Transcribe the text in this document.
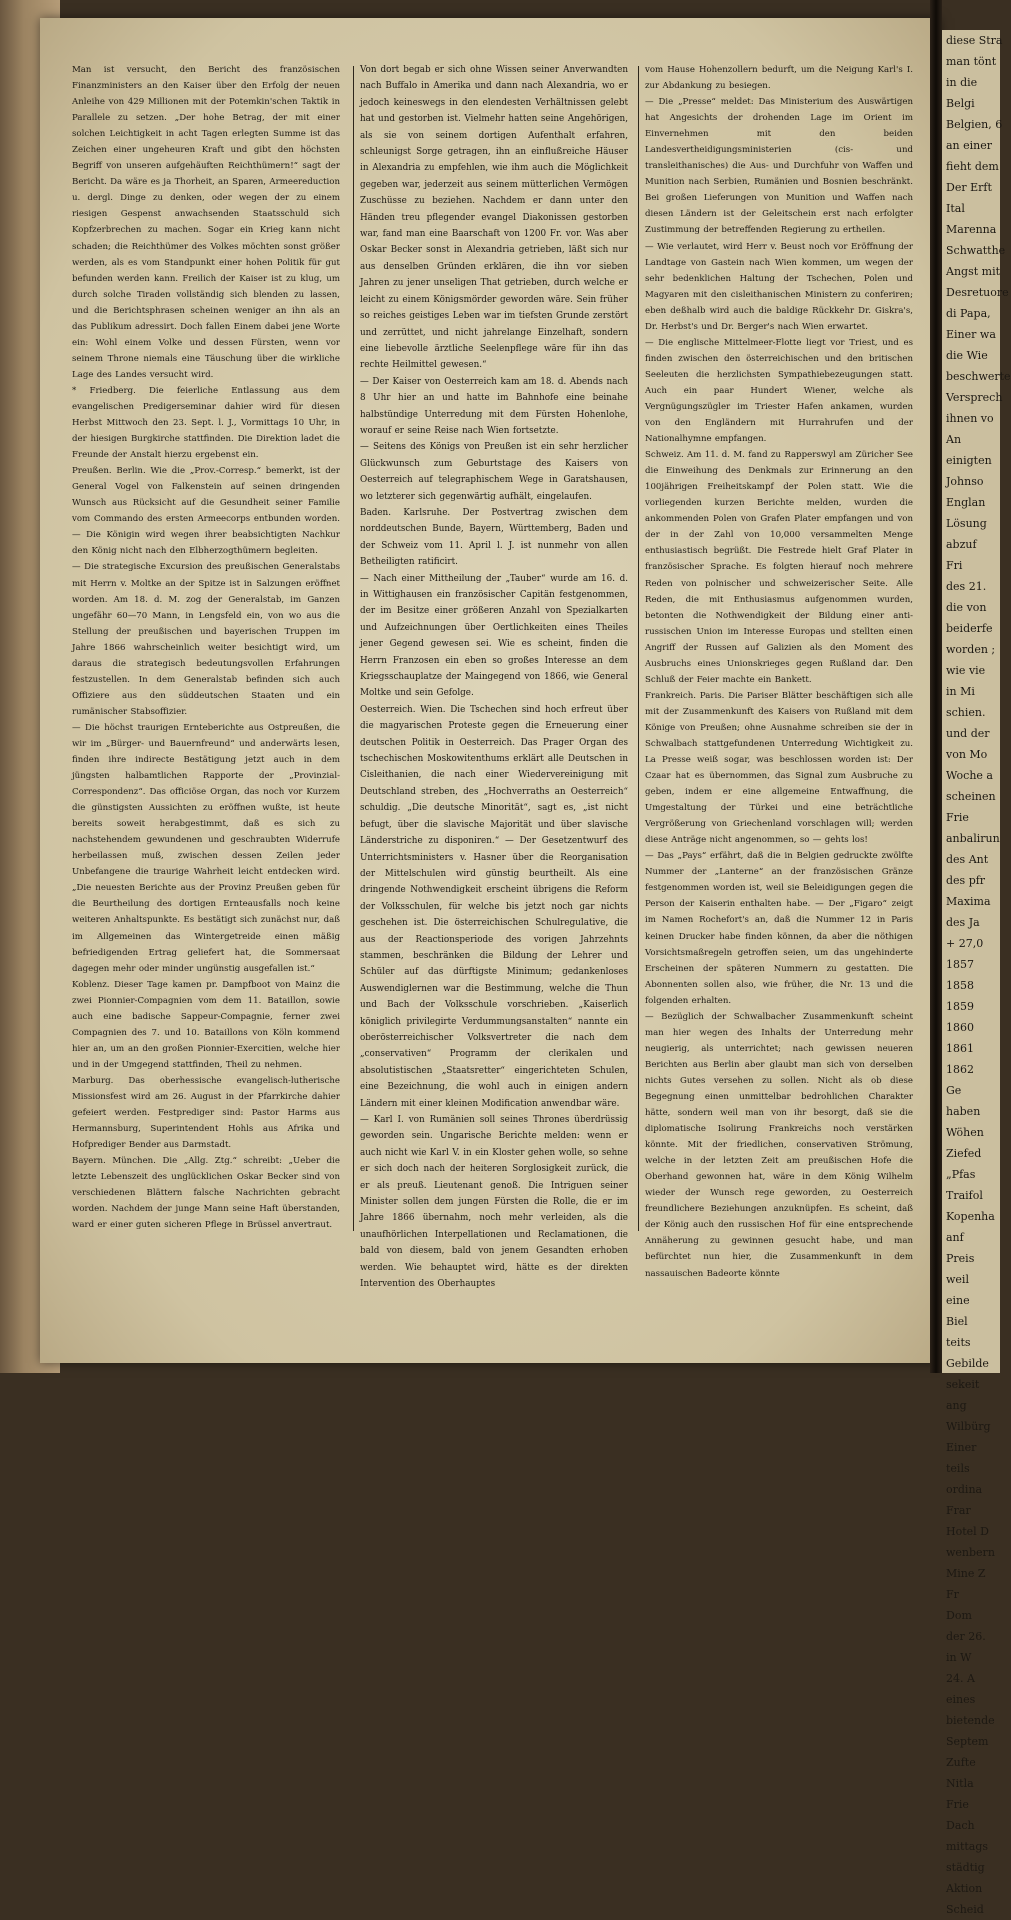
Man ist versucht, den Bericht des französischen Finanzministers an den Kaiser über den Erfolg der neuen Anleihe von 429 Millionen mit der Potemkin'schen Taktik in Parallele zu setzen. „Der hohe Betrag, der mit einer solchen Leichtigkeit in acht Tagen erlegten Summe ist das Zeichen einer ungeheuren Kraft und gibt den höchsten Begriff von unseren aufgehäuften Reichthümern!“ sagt der Bericht. Da wäre es ja Thorheit, an Sparen, Armeereduction u. dergl. Dinge zu denken, oder wegen der zu einem riesigen Gespenst anwachsenden Staatsschuld sich Kopfzerbrechen zu machen. Sogar ein Krieg kann nicht schaden; die Reichthümer des Volkes möchten sonst größer werden, als es vom Standpunkt einer hohen Politik für gut befunden werden kann. Freilich der Kaiser ist zu klug, um durch solche Tiraden vollständig sich blenden zu lassen, und die Berichtsphrasen scheinen weniger an ihn als an das Publikum adressirt. Doch fallen Einem dabei jene Worte ein: Wohl einem Volke und dessen Fürsten, wenn vor seinem Throne niemals eine Täuschung über die wirkliche Lage des Landes versucht wird.

* Friedberg. Die feierliche Entlassung aus dem evangelischen Predigerseminar dahier wird für diesen Herbst Mittwoch den 23. Sept. l. J., Vormittags 10 Uhr, in der hiesigen Burgkirche stattfinden. Die Direktion ladet die Freunde der Anstalt hierzu ergebenst ein.

Preußen. Berlin. Wie die „Prov.-Corresp.“ bemerkt, ist der General Vogel von Falkenstein auf seinen dringenden Wunsch aus Rücksicht auf die Gesundheit seiner Familie vom Commando des ersten Armeecorps entbunden worden. — Die Königin wird wegen ihrer beabsichtigten Nachkur den König nicht nach den Elbherzogthümern begleiten.

— Die strategische Excursion des preußischen Generalstabs mit Herrn v. Moltke an der Spitze ist in Salzungen eröffnet worden. Am 18. d. M. zog der Generalstab, im Ganzen ungefähr 60—70 Mann, in Lengsfeld ein, von wo aus die Stellung der preußischen und bayerischen Truppen im Jahre 1866 wahrscheinlich weiter besichtigt wird, um daraus die strategisch bedeutungsvollen Erfahrungen festzustellen. In dem Generalstab befinden sich auch Offiziere aus den süddeutschen Staaten und ein rumänischer Stabsoffizier.

— Die höchst traurigen Ernteberichte aus Ostpreußen, die wir im „Bürger- und Bauernfreund“ und anderwärts lesen, finden ihre indirecte Bestätigung jetzt auch in dem jüngsten halbamtlichen Rapporte der „Provinzial-Correspondenz“. Das officiöse Organ, das noch vor Kurzem die günstigsten Aussichten zu eröffnen wußte, ist heute bereits soweit herabgestimmt, daß es sich zu nachstehendem gewundenen und geschraubten Widerrufe herbeilassen muß, zwischen dessen Zeilen jeder Unbefangene die traurige Wahrheit leicht entdecken wird. „Die neuesten Berichte aus der Provinz Preußen geben für die Beurtheilung des dortigen Ernteausfalls noch keine weiteren Anhaltspunkte. Es bestätigt sich zunächst nur, daß im Allgemeinen das Wintergetreide einen mäßig befriedigenden Ertrag geliefert hat, die Sommersaat dagegen mehr oder minder ungünstig ausgefallen ist.“

Koblenz. Dieser Tage kamen pr. Dampfboot von Mainz die zwei Pionnier-Compagnien vom dem 11. Bataillon, sowie auch eine badische Sappeur-Compagnie, ferner zwei Compagnien des 7. und 10. Bataillons von Köln kommend hier an, um an den großen Pionnier-Exercitien, welche hier und in der Umgegend stattfinden, Theil zu nehmen.

Marburg. Das oberhessische evangelisch-lutherische Missionsfest wird am 26. August in der Pfarrkirche dahier gefeiert werden. Festprediger sind: Pastor Harms aus Hermannsburg, Superintendent Hohls aus Afrika und Hofprediger Bender aus Darmstadt.

Bayern. München. Die „Allg. Ztg.“ schreibt: „Ueber die letzte Lebenszeit des unglücklichen Oskar Becker sind von verschiedenen Blättern falsche Nachrichten gebracht worden. Nachdem der junge Mann seine Haft überstanden, ward er einer guten sicheren Pflege in Brüssel anvertraut.

Von dort begab er sich ohne Wissen seiner Anverwandten nach Buffalo in Amerika und dann nach Alexandria, wo er jedoch keineswegs in den elendesten Verhältnissen gelebt hat und gestorben ist. Vielmehr hatten seine Angehörigen, als sie von seinem dortigen Aufenthalt erfahren, schleunigst Sorge getragen, ihn an einflußreiche Häuser in Alexandria zu empfehlen, wie ihm auch die Möglichkeit gegeben war, jederzeit aus seinem mütterlichen Vermögen Zuschüsse zu beziehen. Nachdem er dann unter den Händen treu pflegender evangel Diakonissen gestorben war, fand man eine Baarschaft von 1200 Fr. vor. Was aber Oskar Becker sonst in Alexandria getrieben, läßt sich nur aus denselben Gründen erklären, die ihn vor sieben Jahren zu jener unseligen That getrieben, durch welche er leicht zu einem Königsmörder geworden wäre. Sein früher so reiches geistiges Leben war im tiefsten Grunde zerstört und zerrüttet, und nicht jahrelange Einzelhaft, sondern eine liebevolle ärztliche Seelenpflege wäre für ihn das rechte Heilmittel gewesen.“

— Der Kaiser von Oesterreich kam am 18. d. Abends nach 8 Uhr hier an und hatte im Bahnhofe eine beinahe halbstündige Unterredung mit dem Fürsten Hohenlohe, worauf er seine Reise nach Wien fortsetzte.

— Seitens des Königs von Preußen ist ein sehr herzlicher Glückwunsch zum Geburtstage des Kaisers von Oesterreich auf telegraphischem Wege in Garatshausen, wo letzterer sich gegenwärtig aufhält, eingelaufen.

Baden. Karlsruhe. Der Postvertrag zwischen dem norddeutschen Bunde, Bayern, Württemberg, Baden und der Schweiz vom 11. April l. J. ist nunmehr von allen Betheiligten ratificirt.

— Nach einer Mittheilung der „Tauber“ wurde am 16. d. in Wittighausen ein französischer Capitän festgenommen, der im Besitze einer größeren Anzahl von Spezialkarten und Aufzeichnungen über Oertlichkeiten eines Theiles jener Gegend gewesen sei. Wie es scheint, finden die Herrn Franzosen ein eben so großes Interesse an dem Kriegsschauplatze der Maingegend von 1866, wie General Moltke und sein Gefolge.

Oesterreich. Wien. Die Tschechen sind hoch erfreut über die magyarischen Proteste gegen die Erneuerung einer deutschen Politik in Oesterreich. Das Prager Organ des tschechischen Moskowitenthums erklärt alle Deutschen in Cisleithanien, die nach einer Wiedervereinigung mit Deutschland streben, des „Hochverraths an Oesterreich“ schuldig. „Die deutsche Minorität“, sagt es, „ist nicht befugt, über die slavische Majorität und über slavische Länderstriche zu disponiren.“ — Der Gesetzentwurf des Unterrichtsministers v. Hasner über die Reorganisation der Mittelschulen wird günstig beurtheilt. Als eine dringende Nothwendigkeit erscheint übrigens die Reform der Volksschulen, für welche bis jetzt noch gar nichts geschehen ist. Die österreichischen Schulregulative, die aus der Reactionsperiode des vorigen Jahrzehnts stammen, beschränken die Bildung der Lehrer und Schüler auf das dürftigste Minimum; gedankenloses Auswendiglernen war die Bestimmung, welche die Thun und Bach der Volksschule vorschrieben. „Kaiserlich königlich privilegirte Verdummungsanstalten“ nannte ein oberösterreichischer Volksvertreter die nach dem „conservativen“ Programm der clerikalen und absolutistischen „Staatsretter“ eingerichteten Schulen, eine Bezeichnung, die wohl auch in einigen andern Ländern mit einer kleinen Modification anwendbar wäre.

— Karl I. von Rumänien soll seines Thrones überdrüssig geworden sein. Ungarische Berichte melden: wenn er auch nicht wie Karl V. in ein Kloster gehen wolle, so sehne er sich doch nach der heiteren Sorglosigkeit zurück, die er als preuß. Lieutenant genoß. Die Intriguen seiner Minister sollen dem jungen Fürsten die Rolle, die er im Jahre 1866 übernahm, noch mehr verleiden, als die unaufhörlichen Interpellationen und Reclamationen, die bald von diesem, bald von jenem Gesandten erhoben werden. Wie behauptet wird, hätte es der direkten Intervention des Oberhauptes

vom Hause Hohenzollern bedurft, um die Neigung Karl's I. zur Abdankung zu besiegen.

— Die „Presse“ meldet: Das Ministerium des Auswärtigen hat Angesichts der drohenden Lage im Orient im Einvernehmen mit den beiden Landesvertheidigungsministerien (cis- und transleithanisches) die Aus- und Durchfuhr von Waffen und Munition nach Serbien, Rumänien und Bosnien beschränkt. Bei großen Lieferungen von Munition und Waffen nach diesen Ländern ist der Geleitschein erst nach erfolgter Zustimmung der betreffenden Regierung zu ertheilen.

— Wie verlautet, wird Herr v. Beust noch vor Eröffnung der Landtage von Gastein nach Wien kommen, um wegen der sehr bedenklichen Haltung der Tschechen, Polen und Magyaren mit den cisleithanischen Ministern zu conferiren; eben deßhalb wird auch die baldige Rückkehr Dr. Giskra's, Dr. Herbst's und Dr. Berger's nach Wien erwartet.

— Die englische Mittelmeer-Flotte liegt vor Triest, und es finden zwischen den österreichischen und den britischen Seeleuten die herzlichsten Sympathiebezeugungen statt. Auch ein paar Hundert Wiener, welche als Vergnügungszügler im Triester Hafen ankamen, wurden von den Engländern mit Hurrahrufen und der Nationalhymne empfangen.

Schweiz. Am 11. d. M. fand zu Rapperswyl am Züricher See die Einweihung des Denkmals zur Erinnerung an den 100jährigen Freiheitskampf der Polen statt. Wie die vorliegenden kurzen Berichte melden, wurden die ankommenden Polen von Grafen Plater empfangen und von der in der Zahl von 10,000 versammelten Menge enthusiastisch begrüßt. Die Festrede hielt Graf Plater in französischer Sprache. Es folgten hierauf noch mehrere Reden von polnischer und schweizerischer Seite. Alle Reden, die mit Enthusiasmus aufgenommen wurden, betonten die Nothwendigkeit der Bildung einer anti-russischen Union im Interesse Europas und stellten einen Angriff der Russen auf Galizien als den Moment des Ausbruchs eines Unionskrieges gegen Rußland dar. Den Schluß der Feier machte ein Bankett.

Frankreich. Paris. Die Pariser Blätter beschäftigen sich alle mit der Zusammenkunft des Kaisers von Rußland mit dem Könige von Preußen; ohne Ausnahme schreiben sie der in Schwalbach stattgefundenen Unterredung Wichtigkeit zu. La Presse weiß sogar, was beschlossen worden ist: Der Czaar hat es übernommen, das Signal zum Ausbruche zu geben, indem er eine allgemeine Entwaffnung, die Umgestaltung der Türkei und eine beträchtliche Vergrößerung von Griechenland vorschlagen will; werden diese Anträge nicht angenommen, so — gehts los!

— Das „Pays“ erfährt, daß die in Belgien gedruckte zwölfte Nummer der „Lanterne“ an der französischen Gränze festgenommen worden ist, weil sie Beleidigungen gegen die Person der Kaiserin enthalten habe. — Der „Figaro“ zeigt im Namen Rochefort's an, daß die Nummer 12 in Paris keinen Drucker habe finden können, da aber die nöthigen Vorsichtsmaßregeln getroffen seien, um das ungehinderte Erscheinen der späteren Nummern zu gestatten. Die Abonnenten sollen also, wie früher, die Nr. 13 und die folgenden erhalten.

— Bezüglich der Schwalbacher Zusammenkunft scheint man hier wegen des Inhalts der Unterredung mehr neugierig, als unterrichtet; nach gewissen neueren Berichten aus Berlin aber glaubt man sich von derselben nichts Gutes versehen zu sollen. Nicht als ob diese Begegnung einen unmittelbar bedrohlichen Charakter hätte, sondern weil man von ihr besorgt, daß sie die diplomatische Isolirung Frankreichs noch verstärken könnte. Mit der friedlichen, conservativen Strömung, welche in der letzten Zeit am preußischen Hofe die Oberhand gewonnen hat, wäre in dem König Wilhelm wieder der Wunsch rege geworden, zu Oesterreich freundlichere Beziehungen anzuknüpfen. Es scheint, daß der König auch den russischen Hof für eine entsprechende Annäherung zu gewinnen gesucht habe, und man befürchtet nun hier, die Zusammenkunft in dem nassauischen Badeorte könnte

diese Stra
man tönt
in die
Belgi
Belgien, 6
an einer
fieht dem
Der Erft
Ital
Marenna
Schwatthe
Angst mit
Desretuore
di Papa,
Einer wa
die Wie
beschwerte
Versprech
ihnen vo
An
einigten
Johnso
Englan
Lösung
abzuf
Fri
des 21.
die von
beiderfe
worden ;
wie vie
in Mi
schien.
und der
von Mo
Woche a
scheinen
Frie
anbalirun
des Ant
des pfr
Maxima
des Ja
+ 27,0
1857
1858
1859
1860
1861
1862
Ge
haben
Wöhen
Ziefed
„Pfas
Traifol
Kopenha
anf
Preis
weil
eine
Biel
teits
Gebilde
sekeit
ang
Wilbürg
Einer
teils
ordina
Frar
Hotel D
wenbern
Mine Z
Fr
Dom
der 26.
in W
24. A
eines
bietende
Septem
Zufte
Nitla
Frie
Dach
mittags
städtig
Aktion
Scheid
